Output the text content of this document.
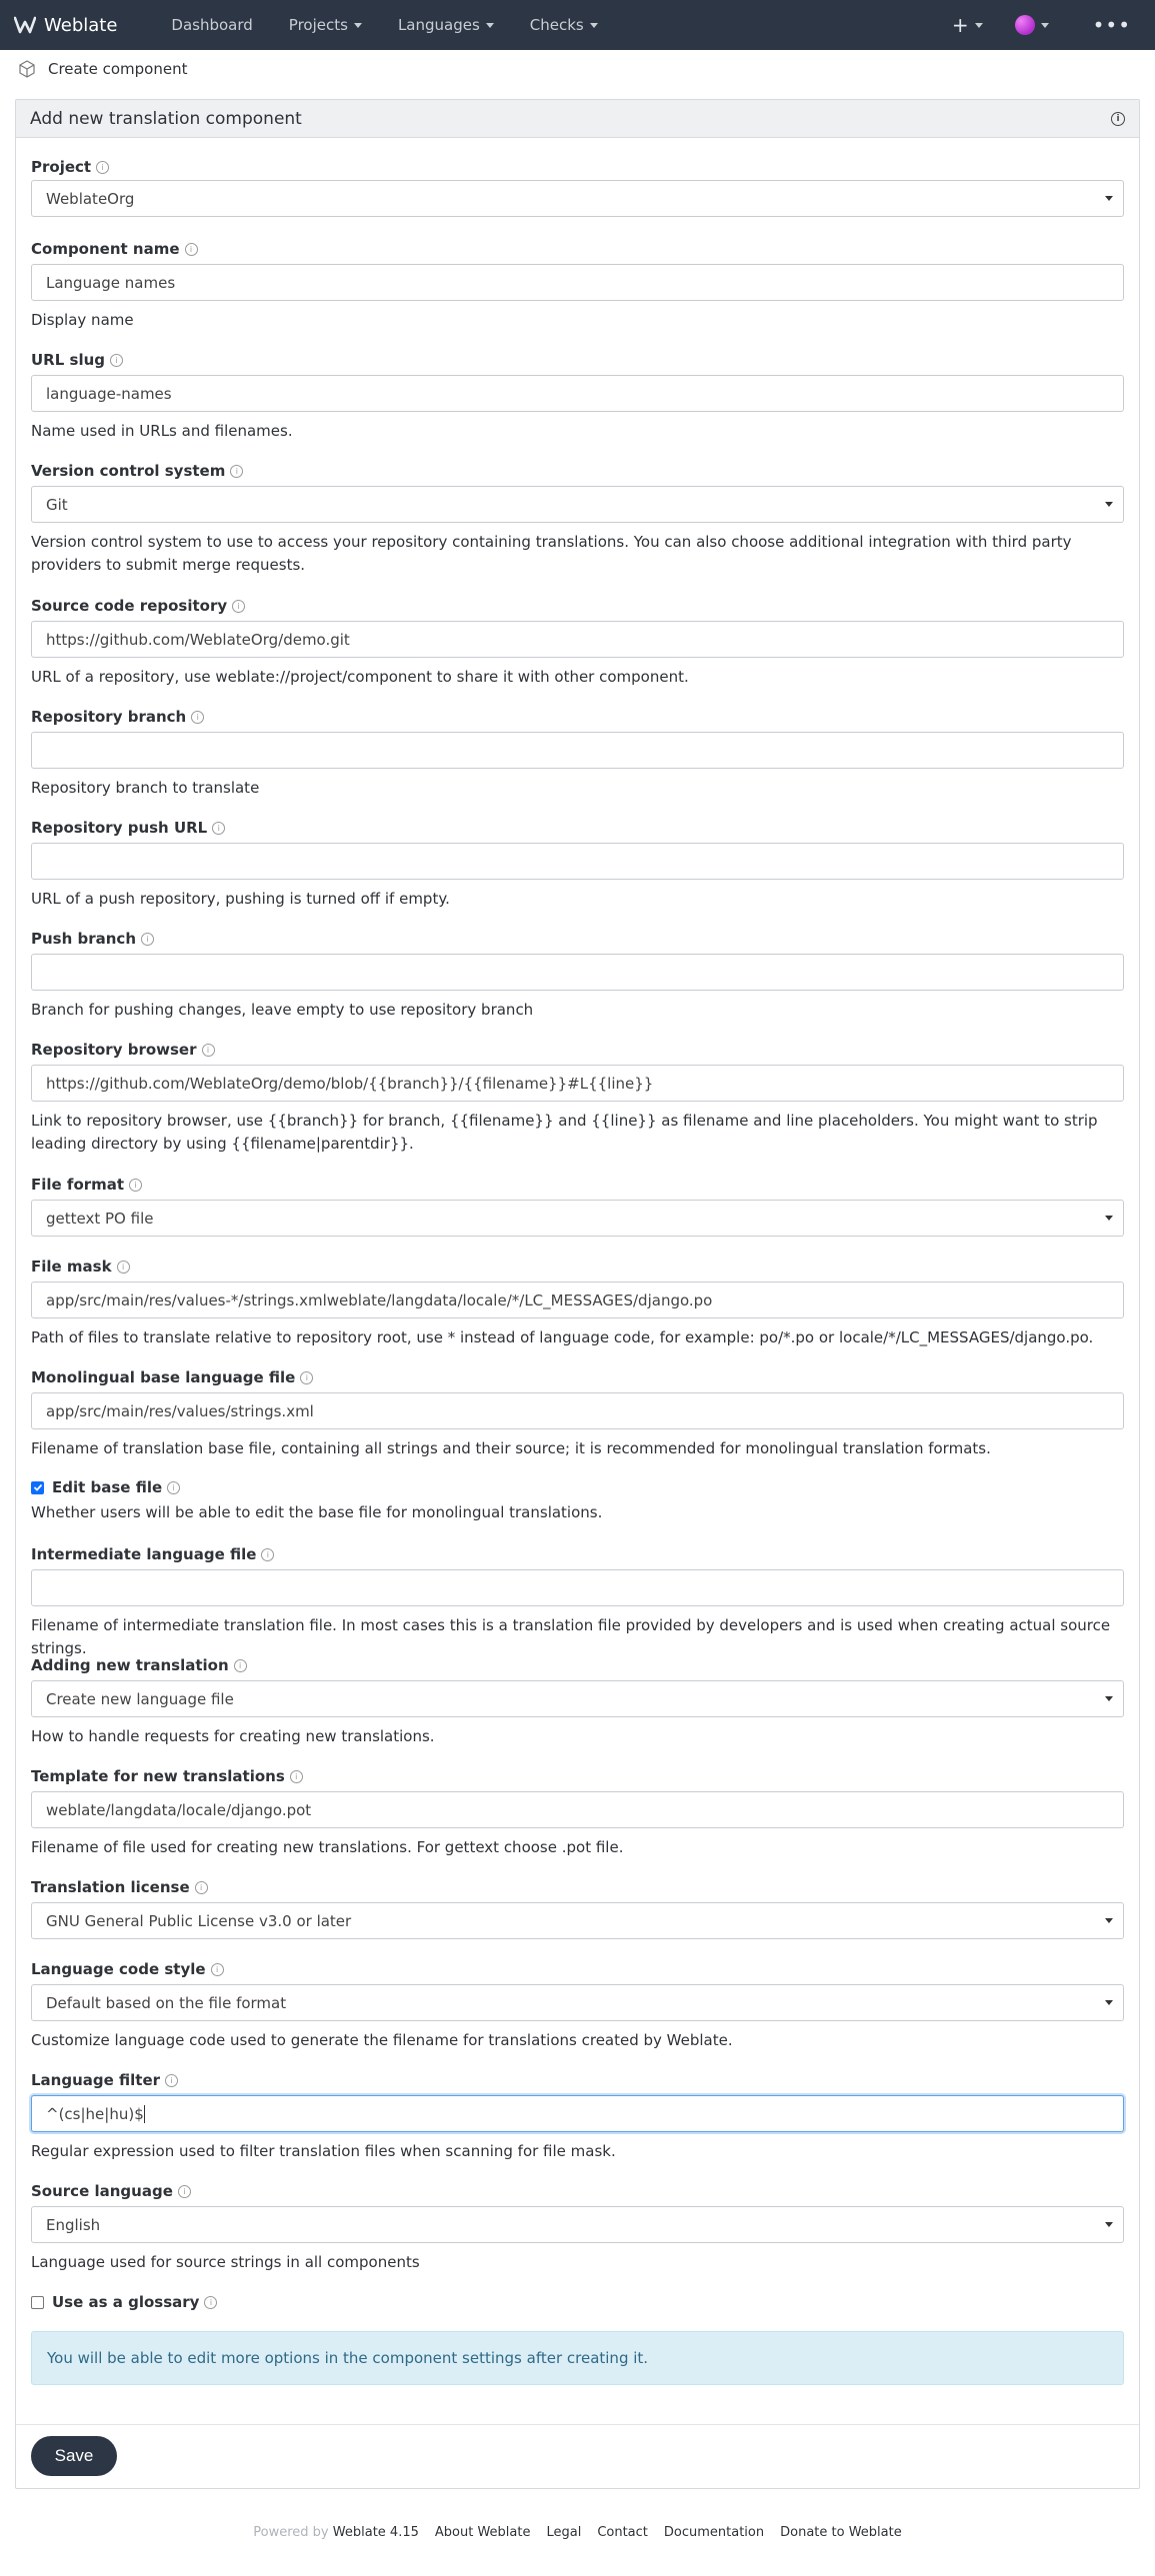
Weblate	Dashboard Projects	Languages	Checks	+	•••
Create component
Add new translation component	i
Project	i
WeblateOrg
Component name	i
Language names
Display name
URL slug	i
language-names
Name used in URLs and filenames.
Version control system	i
Git
Version control system to use to access your repository containing translations. You can also choose additional integration with third party providers to submit merge requests.
Source code repository	i
https://github.com/WeblateOrg/demo.git
URL of a repository, use weblate://project/component to share it with other component.
Repository branch	i
Repository branch to translate
Repository push URL	i
URL of a push repository, pushing is turned off if empty.
Push branch	i
Branch for pushing changes, leave empty to use repository branch
Repository browser	i
https://github.com/WeblateOrg/demo/blob/{{branch}}/{{filename}}#L{{line}}
Link to repository browser, use {{branch}} for branch, {{filename}} and {{line}} as filename and line placeholders. You might want to strip leading directory by using {{filename|parentdir}}.
File format	i
gettext PO file
File mask	i
app/src/main/res/values-*/strings.xmlweblate/langdata/locale/*/LC_MESSAGES/django.po
Path of files to translate relative to repository root, use * instead of language code, for example: po/*.po or locale/*/LC_MESSAGES/django.po.
Monolingual base language file	i
app/src/main/res/values/strings.xml
Filename of translation base file, containing all strings and their source; it is recommended for monolingual translation formats.
Edit base file	i
Whether users will be able to edit the base file for monolingual translations.
Intermediate language file	i
Filename of intermediate translation file. In most cases this is a translation file provided by developers and is used when creating actual source strings.
Adding new translation	i
Create new language file
How to handle requests for creating new translations.
Template for new translations	i
weblate/langdata/locale/django.pot
Filename of file used for creating new translations. For gettext choose .pot file.
Translation license	i
GNU General Public License v3.0 or later
Language code style	i
Default based on the file format
Customize language code used to generate the filename for translations created by Weblate.
Language filter	i
^(cs|he|hu)$
Regular expression used to filter translation files when scanning for file mask.
Source language	i
English
Language used for source strings in all components
Use as a glossary	i
You will be able to edit more options in the component settings after creating it.
Save
Powered by Weblate 4.15 About Weblate Legal Contact Documentation Donate to Weblate
